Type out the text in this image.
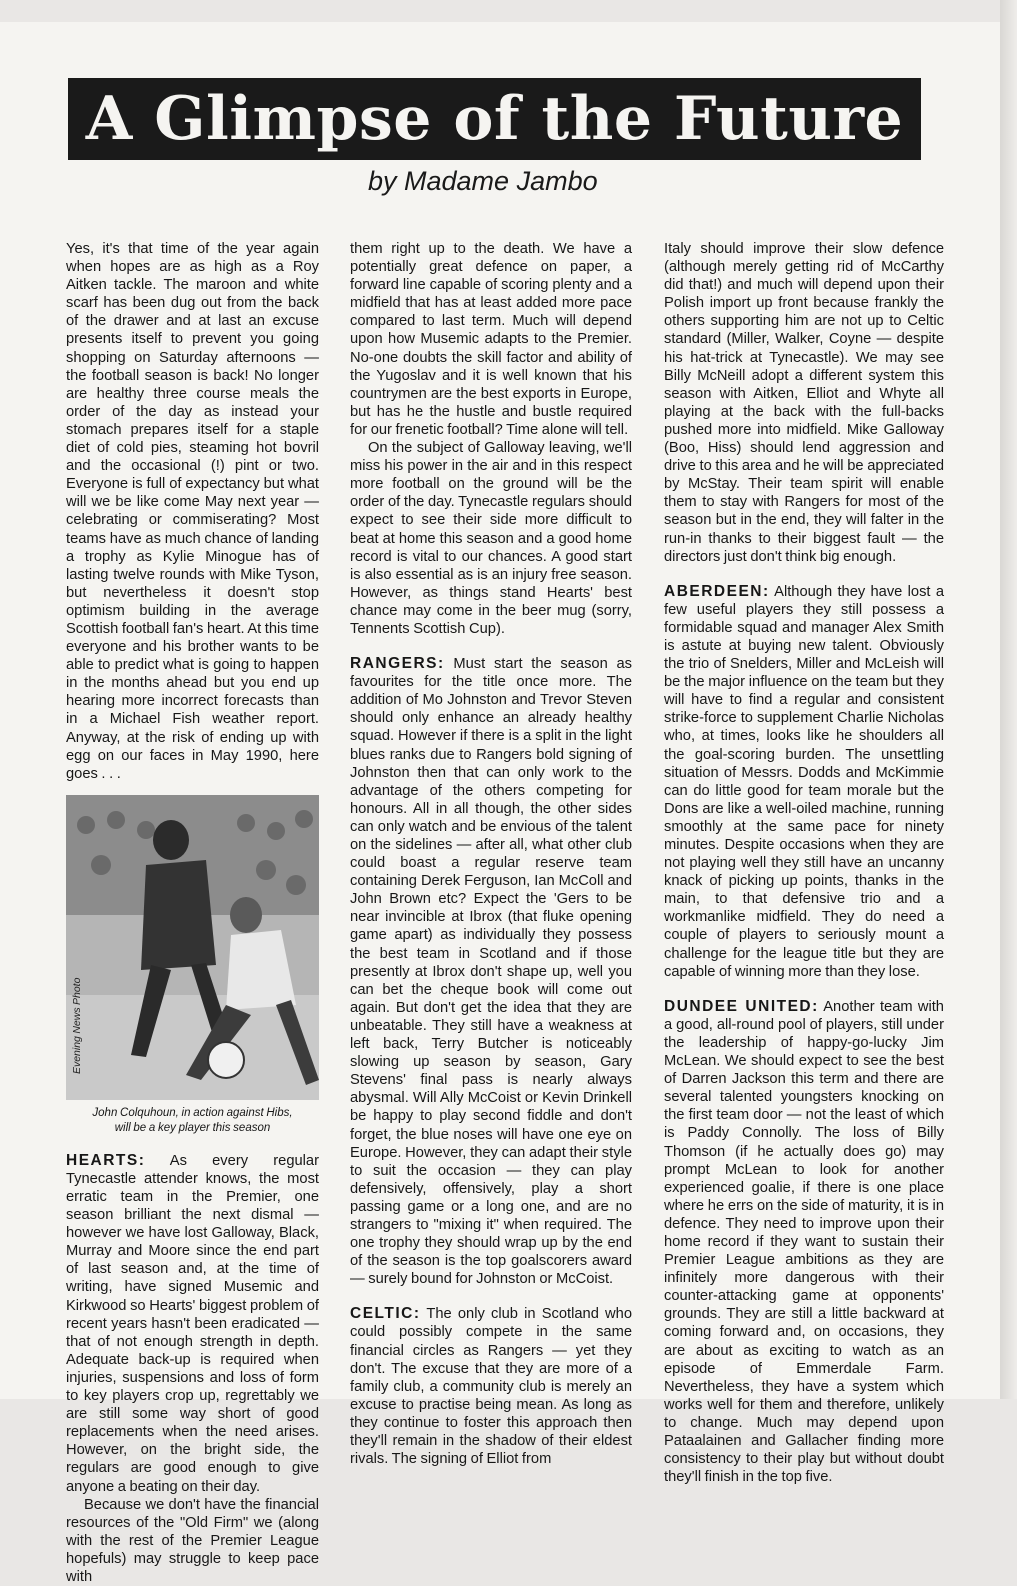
A Glimpse of the Future
by Madame Jambo

Yes, it's that time of the year again when hopes are as high as a Roy Aitken tackle. The maroon and white scarf has been dug out from the back of the drawer and at last an excuse presents itself to prevent you going shopping on Saturday afternoons — the football season is back! No longer are healthy three course meals the order of the day as instead your stomach prepares itself for a staple diet of cold pies, steaming hot bovril and the occasional (!) pint or two. Everyone is full of expectancy but what will we be like come May next year — celebrating or commiserating? Most teams have as much chance of landing a trophy as Kylie Minogue has of lasting twelve rounds with Mike Tyson, but nevertheless it doesn't stop optimism building in the average Scottish football fan's heart. At this time everyone and his brother wants to be able to predict what is going to happen in the months ahead but you end up hearing more incorrect forecasts than in a Michael Fish weather report. Anyway, at the risk of ending up with egg on our faces in May 1990, here goes . . .

Evening News Photo
John Colquhoun, in action against Hibs,
will be a key player this season

HEARTS: As every regular Tynecastle attender knows, the most erratic team in the Premier, one season brilliant the next dismal — however we have lost Galloway, Black, Murray and Moore since the end part of last season and, at the time of writing, have signed Musemic and Kirkwood so Hearts' biggest problem of recent years hasn't been eradicated — that of not enough strength in depth. Adequate back-up is required when injuries, suspensions and loss of form to key players crop up, regrettably we are still some way short of good replacements when the need arises. However, on the bright side, the regulars are good enough to give anyone a beating on their day.

Because we don't have the financial resources of the "Old Firm" we (along with the rest of the Premier League hopefuls) may struggle to keep pace with

them right up to the death. We have a potentially great defence on paper, a forward line capable of scoring plenty and a midfield that has at least added more pace compared to last term. Much will depend upon how Musemic adapts to the Premier. No-one doubts the skill factor and ability of the Yugoslav and it is well known that his countrymen are the best exports in Europe, but has he the hustle and bustle required for our frenetic football? Time alone will tell.

On the subject of Galloway leaving, we'll miss his power in the air and in this respect more football on the ground will be the order of the day. Tynecastle regulars should expect to see their side more difficult to beat at home this season and a good home record is vital to our chances. A good start is also essential as is an injury free season. However, as things stand Hearts' best chance may come in the beer mug (sorry, Tennents Scottish Cup).

RANGERS: Must start the season as favourites for the title once more. The addition of Mo Johnston and Trevor Steven should only enhance an already healthy squad. However if there is a split in the light blues ranks due to Rangers bold signing of Johnston then that can only work to the advantage of the others competing for honours. All in all though, the other sides can only watch and be envious of the talent on the sidelines — after all, what other club could boast a regular reserve team containing Derek Ferguson, Ian McColl and John Brown etc? Expect the 'Gers to be near invincible at Ibrox (that fluke opening game apart) as individually they possess the best team in Scotland and if those presently at Ibrox don't shape up, well you can bet the cheque book will come out again. But don't get the idea that they are unbeatable. They still have a weakness at left back, Terry Butcher is noticeably slowing up season by season, Gary Stevens' final pass is nearly always abysmal. Will Ally McCoist or Kevin Drinkell be happy to play second fiddle and don't forget, the blue noses will have one eye on Europe. However, they can adapt their style to suit the occasion — they can play defensively, offensively, play a short passing game or a long one, and are no strangers to "mixing it" when required. The one trophy they should wrap up by the end of the season is the top goalscorers award — surely bound for Johnston or McCoist.

CELTIC: The only club in Scotland who could possibly compete in the same financial circles as Rangers — yet they don't. The excuse that they are more of a family club, a community club is merely an excuse to practise being mean. As long as they continue to foster this approach then they'll remain in the shadow of their eldest rivals. The signing of Elliot from

Italy should improve their slow defence (although merely getting rid of McCarthy did that!) and much will depend upon their Polish import up front because frankly the others supporting him are not up to Celtic standard (Miller, Walker, Coyne — despite his hat-trick at Tynecastle). We may see Billy McNeill adopt a different system this season with Aitken, Elliot and Whyte all playing at the back with the full-backs pushed more into midfield. Mike Galloway (Boo, Hiss) should lend aggression and drive to this area and he will be appreciated by McStay. Their team spirit will enable them to stay with Rangers for most of the season but in the end, they will falter in the run-in thanks to their biggest fault — the directors just don't think big enough.

ABERDEEN: Although they have lost a few useful players they still possess a formidable squad and manager Alex Smith is astute at buying new talent. Obviously the trio of Snelders, Miller and McLeish will be the major influence on the team but they will have to find a regular and consistent strike-force to supplement Charlie Nicholas who, at times, looks like he shoulders all the goal-scoring burden. The unsettling situation of Messrs. Dodds and McKimmie can do little good for team morale but the Dons are like a well-oiled machine, running smoothly at the same pace for ninety minutes. Despite occasions when they are not playing well they still have an uncanny knack of picking up points, thanks in the main, to that defensive trio and a workmanlike midfield. They do need a couple of players to seriously mount a challenge for the league title but they are capable of winning more than they lose.

DUNDEE UNITED: Another team with a good, all-round pool of players, still under the leadership of happy-go-lucky Jim McLean. We should expect to see the best of Darren Jackson this term and there are several talented youngsters knocking on the first team door — not the least of which is Paddy Connolly. The loss of Billy Thomson (if he actually does go) may prompt McLean to look for another experienced goalie, if there is one place where he errs on the side of maturity, it is in defence. They need to improve upon their home record if they want to sustain their Premier League ambitions as they are infinitely more dangerous with their counter-attacking game at opponents' grounds. They are still a little backward at coming forward and, on occasions, they are about as exciting to watch as an episode of Emmerdale Farm. Nevertheless, they have a system which works well for them and therefore, unlikely to change. Much may depend upon Pataalainen and Gallacher finding more consistency to their play but without doubt they'll finish in the top five.
